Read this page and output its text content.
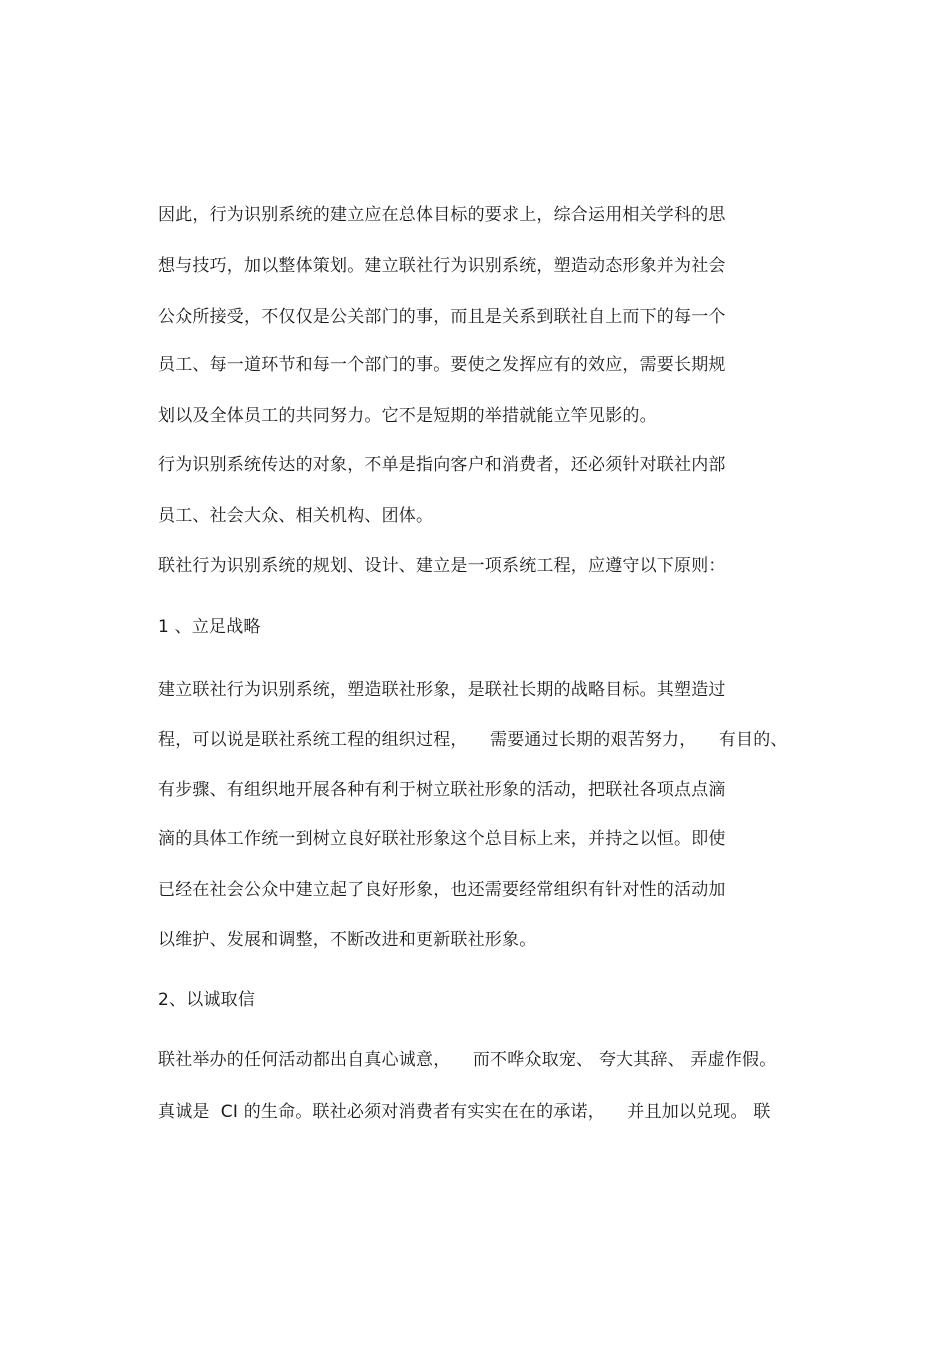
因此，行为识别系统的建立应在总体目标的要求上，综合运用相关学科的思
想与技巧，加以整体策划。建立联社行为识别系统，塑造动态形象并为社会
公众所接受，不仅仅是公关部门的事，而且是关系到联社自上而下的每一个
员工、每一道环节和每一个部门的事。要使之发挥应有的效应，需要长期规
划以及全体员工的共同努力。它不是短期的举措就能立竿见影的。
行为识别系统传达的对象，不单是指向客户和消费者，还必须针对联社内部
员工、社会大众、相关机构、团体。
联社行为识别系统的规划、设计、建立是一项系统工程，应遵守以下原则：
1 、立足战略
建立联社行为识别系统，塑造联社形象，是联社长期的战略目标。其塑造过
程，可以说是联社系统工程的组织过程，    需要通过长期的艰苦努力，    有目的、
有步骤、有组织地开展各种有利于树立联社形象的活动，把联社各项点点滴
滴的具体工作统一到树立良好联社形象这个总目标上来，并持之以恒。即使
已经在社会公众中建立起了良好形象，也还需要经常组织有针对性的活动加
以维护、发展和调整，不断改进和更新联社形象。
2、以诚取信
联社举办的任何活动都出自真心诚意，    而不哗众取宠、 夸大其辞、 弄虚作假。
真诚是  CI 的生命。联社必须对消费者有实实在在的承诺，    并且加以兑现。 联
